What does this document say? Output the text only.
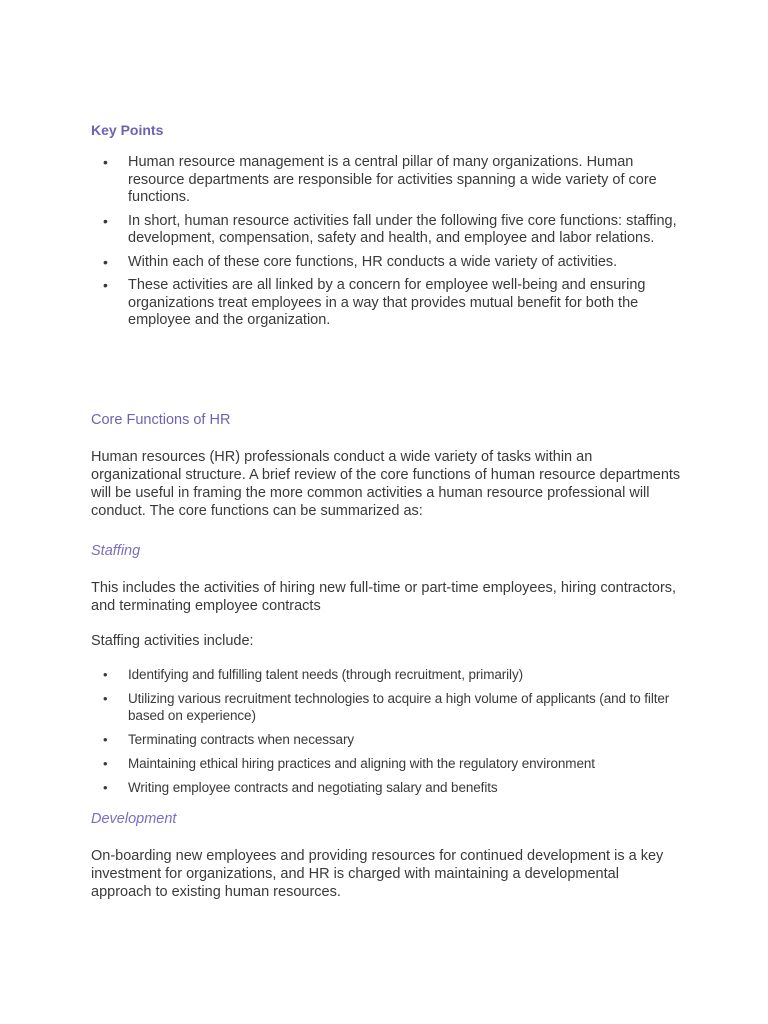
Key Points
• Human resource management is a central pillar of many organizations. Human resource departments are responsible for activities spanning a wide variety of core functions.
• In short, human resource activities fall under the following five core functions: staffing, development, compensation, safety and health, and employee and labor relations.
• Within each of these core functions, HR conducts a wide variety of activities.
• These activities are all linked by a concern for employee well-being and ensuring organizations treat employees in a way that provides mutual benefit for both the employee and the organization.
Core Functions of HR

Human resources (HR) professionals conduct a wide variety of tasks within an organizational structure. A brief review of the core functions of human resource departments will be useful in framing the more common activities a human resource professional will conduct. The core functions can be summarized as:

Staffing

This includes the activities of hiring new full-time or part-time employees, hiring contractors, and terminating employee contracts

Staffing activities include:

• Identifying and fulfilling talent needs (through recruitment, primarily)
• Utilizing various recruitment technologies to acquire a high volume of applicants (and to filter based on experience)
• Terminating contracts when necessary
• Maintaining ethical hiring practices and aligning with the regulatory environment
• Writing employee contracts and negotiating salary and benefits
Development

On-boarding new employees and providing resources for continued development is a key investment for organizations, and HR is charged with maintaining a developmental approach to existing human resources.
